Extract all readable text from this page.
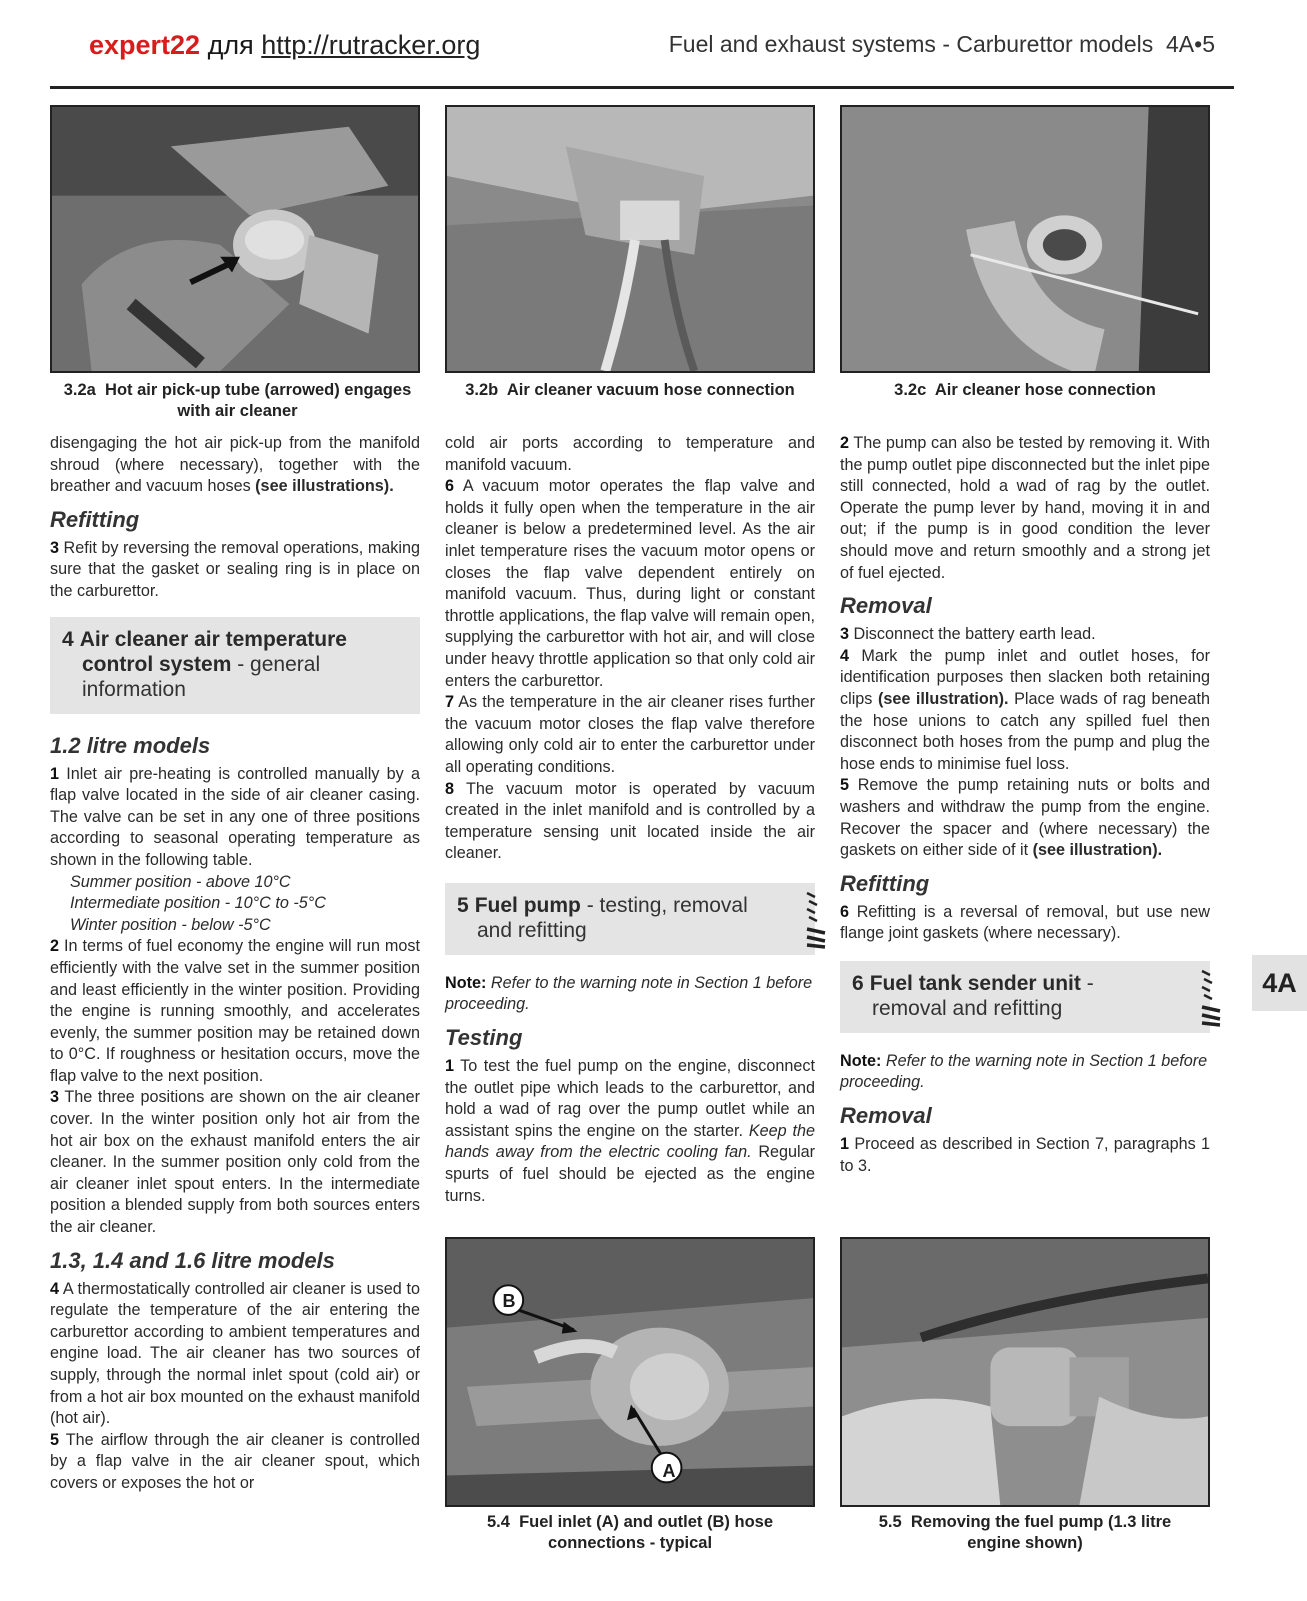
expert22 для http://rutracker.org	Fuel and exhaust systems - Carburettor models 4A•5
3.2a Hot air pick-up tube (arrowed) engages with air cleaner
3.2b Air cleaner vacuum hose connection	3.2c Air cleaner hose connection

disengaging the hot air pick-up from the manifold shroud (where necessary), together with the breather and vacuum hoses (see illustrations).

Refitting

3 Refit by reversing the removal operations, making sure that the gasket or sealing ring is in place on the carburettor.

4 Air cleaner air temperature control system - general information
1.2 litre models

1 Inlet air pre-heating is controlled manually by a flap valve located in the side of air cleaner casing. The valve can be set in any one of three positions according to seasonal operating temperature as shown in the following table.

Summer position - above 10°C
Intermediate position - 10°C to -5°C
Winter position - below -5°C

2 In terms of fuel economy the engine will run most efficiently with the valve set in the summer position and least efficiently in the winter position. Providing the engine is running smoothly, and accelerates evenly, the summer position may be retained down to 0°C. If roughness or hesitation occurs, move the flap valve to the next position.

3 The three positions are shown on the air cleaner cover. In the winter position only hot air from the hot air box on the exhaust manifold enters the air cleaner. In the summer position only cold from the air cleaner inlet spout enters. In the intermediate position a blended supply from both sources enters the air cleaner.

1.3, 1.4 and 1.6 litre models

4 A thermostatically controlled air cleaner is used to regulate the temperature of the air entering the carburettor according to ambient temperatures and engine load. The air cleaner has two sources of supply, through the normal inlet spout (cold air) or from a hot air box mounted on the exhaust manifold (hot air).

5 The airflow through the air cleaner is controlled by a flap valve in the air cleaner spout, which covers or exposes the hot or

cold air ports according to temperature and manifold vacuum.

6 A vacuum motor operates the flap valve and holds it fully open when the temperature in the air cleaner is below a predetermined level. As the air inlet temperature rises the vacuum motor opens or closes the flap valve dependent entirely on manifold vacuum. Thus, during light or constant throttle applications, the flap valve will remain open, supplying the carburettor with hot air, and will close under heavy throttle application so that only cold air enters the carburettor.

7 As the temperature in the air cleaner rises further the vacuum motor closes the flap valve therefore allowing only cold air to enter the carburettor under all operating conditions.

8 The vacuum motor is operated by vacuum created in the inlet manifold and is controlled by a temperature sensing unit located inside the air cleaner.

5 Fuel pump - testing, removal and refitting

Note: Refer to the warning note in Section 1 before proceeding.

Testing

1 To test the fuel pump on the engine, disconnect the outlet pipe which leads to the carburettor, and hold a wad of rag over the pump outlet while an assistant spins the engine on the starter. Keep the hands away from the electric cooling fan. Regular spurts of fuel should be ejected as the engine turns.

2 The pump can also be tested by removing it. With the pump outlet pipe disconnected but the inlet pipe still connected, hold a wad of rag by the outlet. Operate the pump lever by hand, moving it in and out; if the pump is in good condition the lever should move and return smoothly and a strong jet of fuel ejected.

Removal

3 Disconnect the battery earth lead.

4 Mark the pump inlet and outlet hoses, for identification purposes then slacken both retaining clips (see illustration). Place wads of rag beneath the hose unions to catch any spilled fuel then disconnect both hoses from the pump and plug the hose ends to minimise fuel loss.

5 Remove the pump retaining nuts or bolts and washers and withdraw the pump from the engine. Recover the spacer and (where necessary) the gaskets on either side of it (see illustration).

Refitting

6 Refitting is a reversal of removal, but use new flange joint gaskets (where necessary).

6 Fuel tank sender unit - removal and refitting

Note: Refer to the warning note in Section 1 before proceeding.

Removal

1 Proceed as described in Section 7, paragraphs 1 to 3.

4A
B
A
5.4 Fuel inlet (A) and outlet (B) hose connections - typical
5.5 Removing the fuel pump (1.3 litre engine shown)
